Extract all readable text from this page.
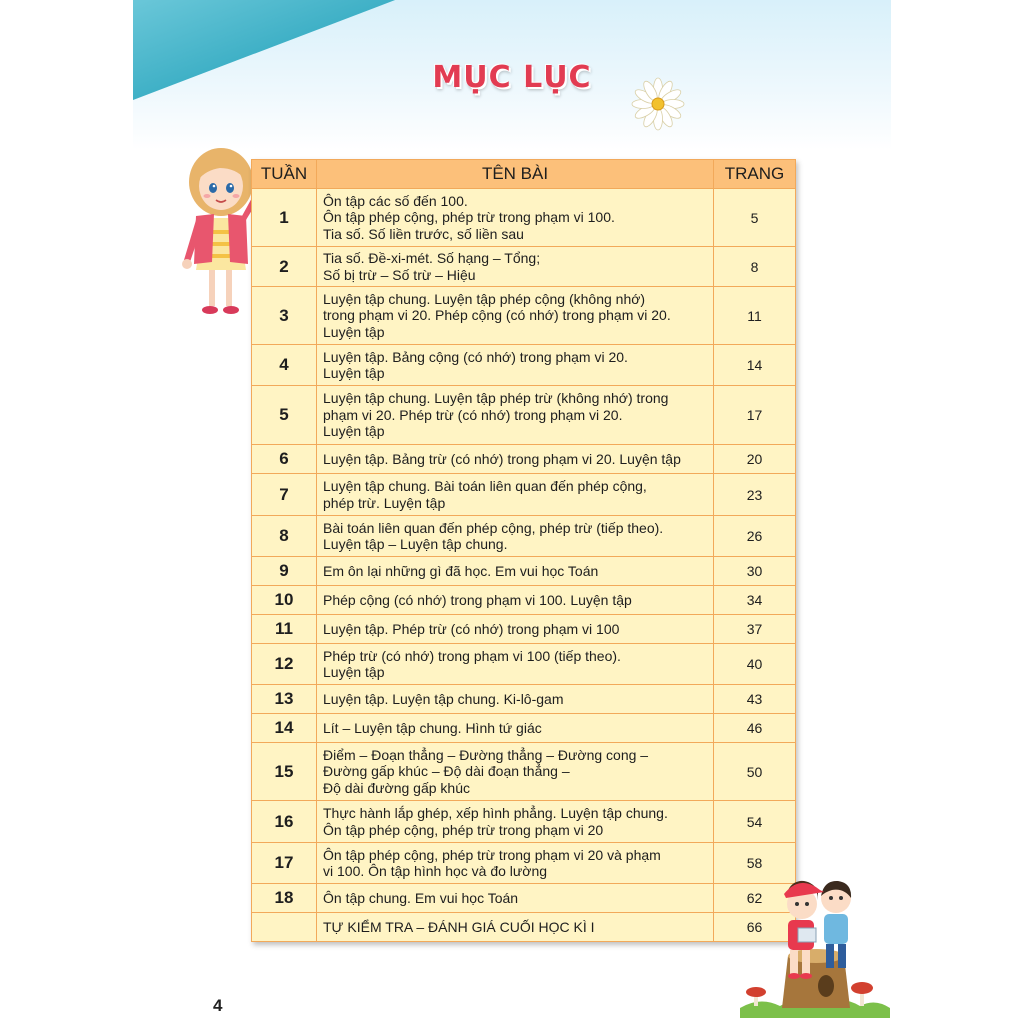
MỤC LỤC
TUẦN	TÊN BÀI	TRANG
1	Ôn tập các số đến 100.
Ôn tập phép cộng, phép trừ trong phạm vi 100.
Tia số. Số liền trước, số liền sau	5
2	Tia số. Đề-xi-mét. Số hạng – Tổng;
Số bị trừ – Số trừ – Hiệu	8
3	Luyện tập chung. Luyện tập phép cộng (không nhớ)
trong phạm vi 20. Phép cộng (có nhớ) trong phạm vi 20.
Luyện tập	11
4	Luyện tập. Bảng cộng (có nhớ) trong phạm vi 20.
Luyện tập	14
5	Luyện tập chung. Luyện tập phép trừ (không nhớ) trong
phạm vi 20. Phép trừ (có nhớ) trong phạm vi 20.
Luyện tập	17
6	Luyện tập. Bảng trừ (có nhớ) trong phạm vi 20. Luyện tập	20
7	Luyện tập chung. Bài toán liên quan đến phép cộng,
phép trừ. Luyện tập	23
8	Bài toán liên quan đến phép cộng, phép trừ (tiếp theo).
Luyện tập – Luyện tập chung.	26
9	Em ôn lại những gì đã học. Em vui học Toán	30
10	Phép cộng (có nhớ) trong phạm vi 100. Luyện tập	34
11	Luyện tập. Phép trừ (có nhớ) trong phạm vi 100	37
12	Phép trừ (có nhớ) trong phạm vi 100 (tiếp theo).
Luyện tập	40
13	Luyện tập. Luyện tập chung. Ki-lô-gam	43
14	Lít – Luyện tập chung. Hình tứ giác	46
15	Điểm – Đoạn thẳng – Đường thẳng – Đường cong –
Đường gấp khúc – Độ dài đoạn thẳng –
Độ dài đường gấp khúc	50
16	Thực hành lắp ghép, xếp hình phẳng. Luyện tập chung.
Ôn tập phép cộng, phép trừ trong phạm vi 20	54
17	Ôn tập phép cộng, phép trừ trong phạm vi 20 và phạm
vi 100. Ôn tập hình học và đo lường	58
18	Ôn tập chung. Em vui học Toán	62

	TỰ KIỂM TRA – ĐÁNH GIÁ CUỐI HỌC KÌ I	66
4
